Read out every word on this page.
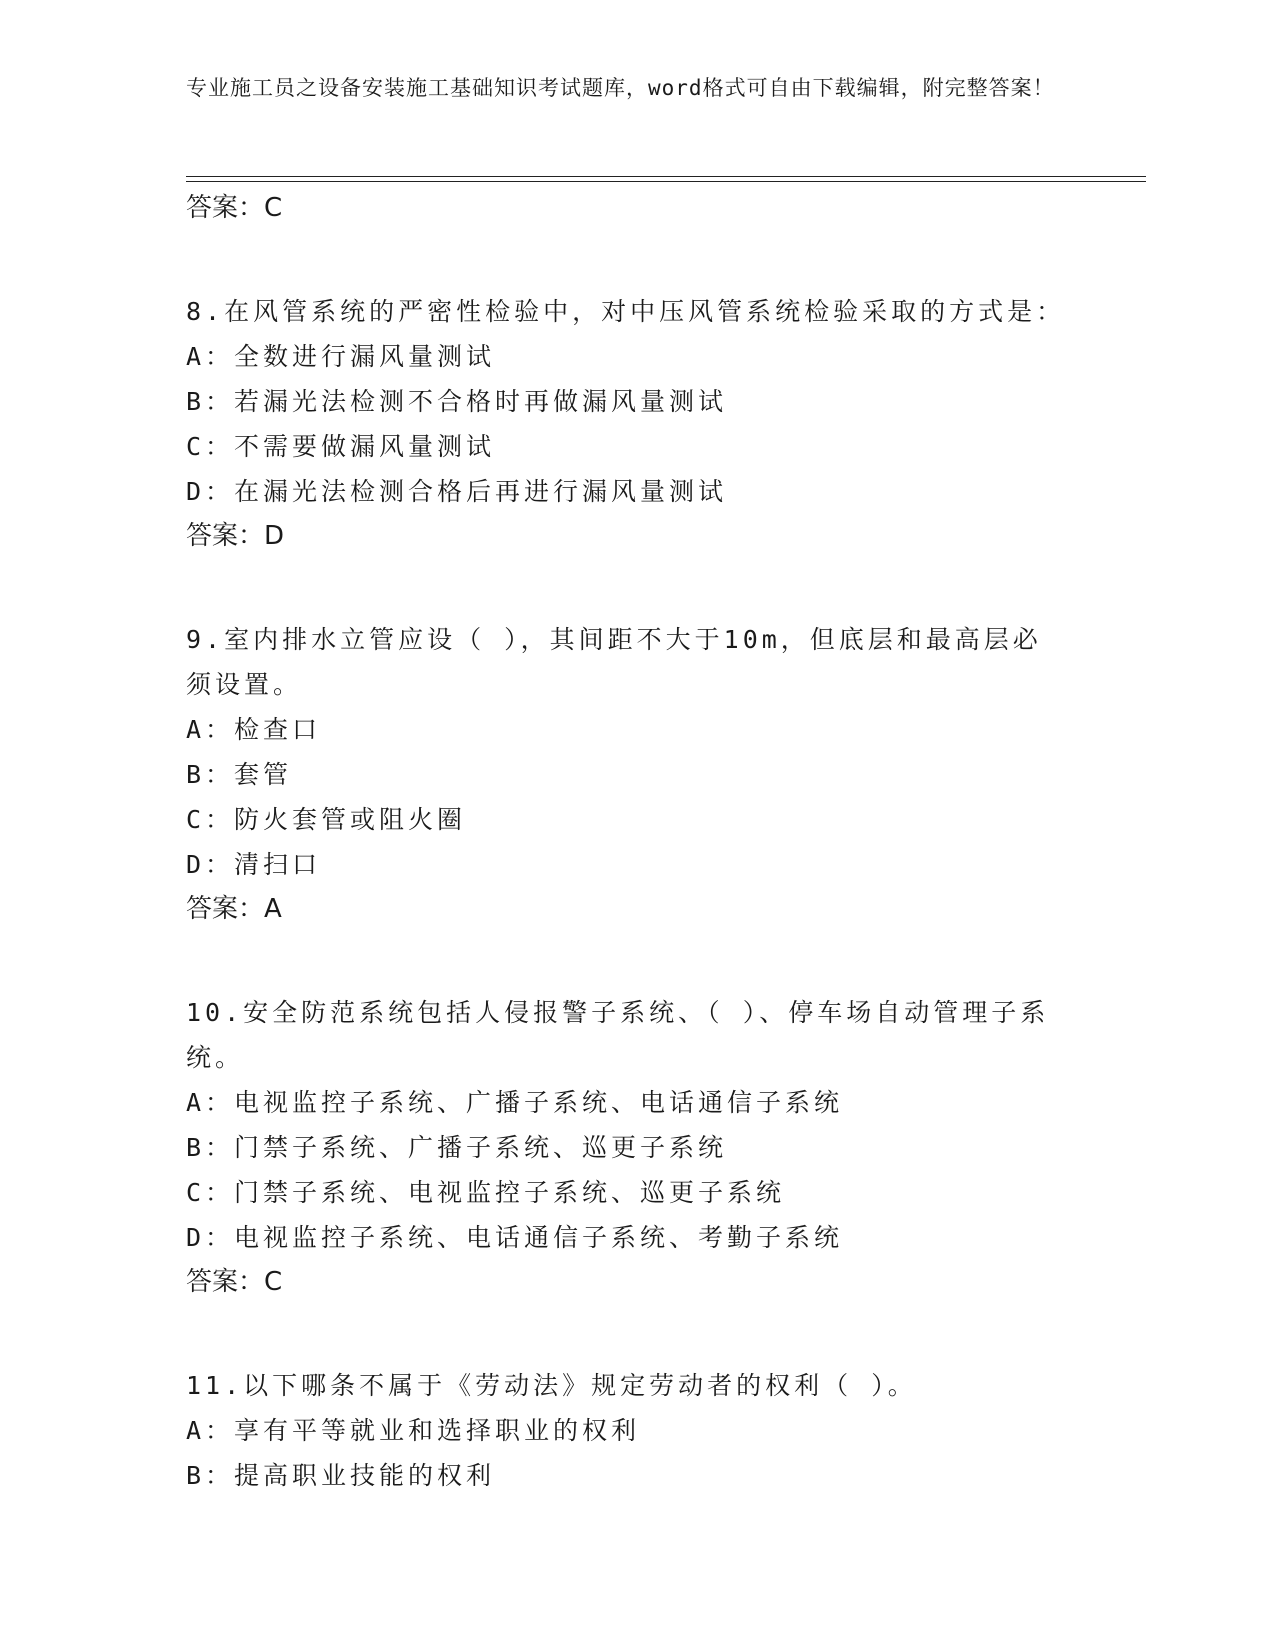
专业施工员之设备安装施工基础知识考试题库，word格式可自由下载编辑，附完整答案！
答案：C
8.在风管系统的严密性检验中，对中压风管系统检验采取的方式是：
A：全数进行漏风量测试
B：若漏光法检测不合格时再做漏风量测试
C：不需要做漏风量测试
D：在漏光法检测合格后再进行漏风量测试
答案：D
9.室内排水立管应设（ ），其间距不大于10m，但底层和最高层必须设置。
A：检查口
B：套管
C：防火套管或阻火圈
D：清扫口
答案：A
10.安全防范系统包括人侵报警子系统、（ ）、停车场自动管理子系统。
A：电视监控子系统、广播子系统、电话通信子系统
B：门禁子系统、广播子系统、巡更子系统
C：门禁子系统、电视监控子系统、巡更子系统
D：电视监控子系统、电话通信子系统、考勤子系统
答案：C
11.以下哪条不属于《劳动法》规定劳动者的权利（ ）。
A：享有平等就业和选择职业的权利
B：提高职业技能的权利
